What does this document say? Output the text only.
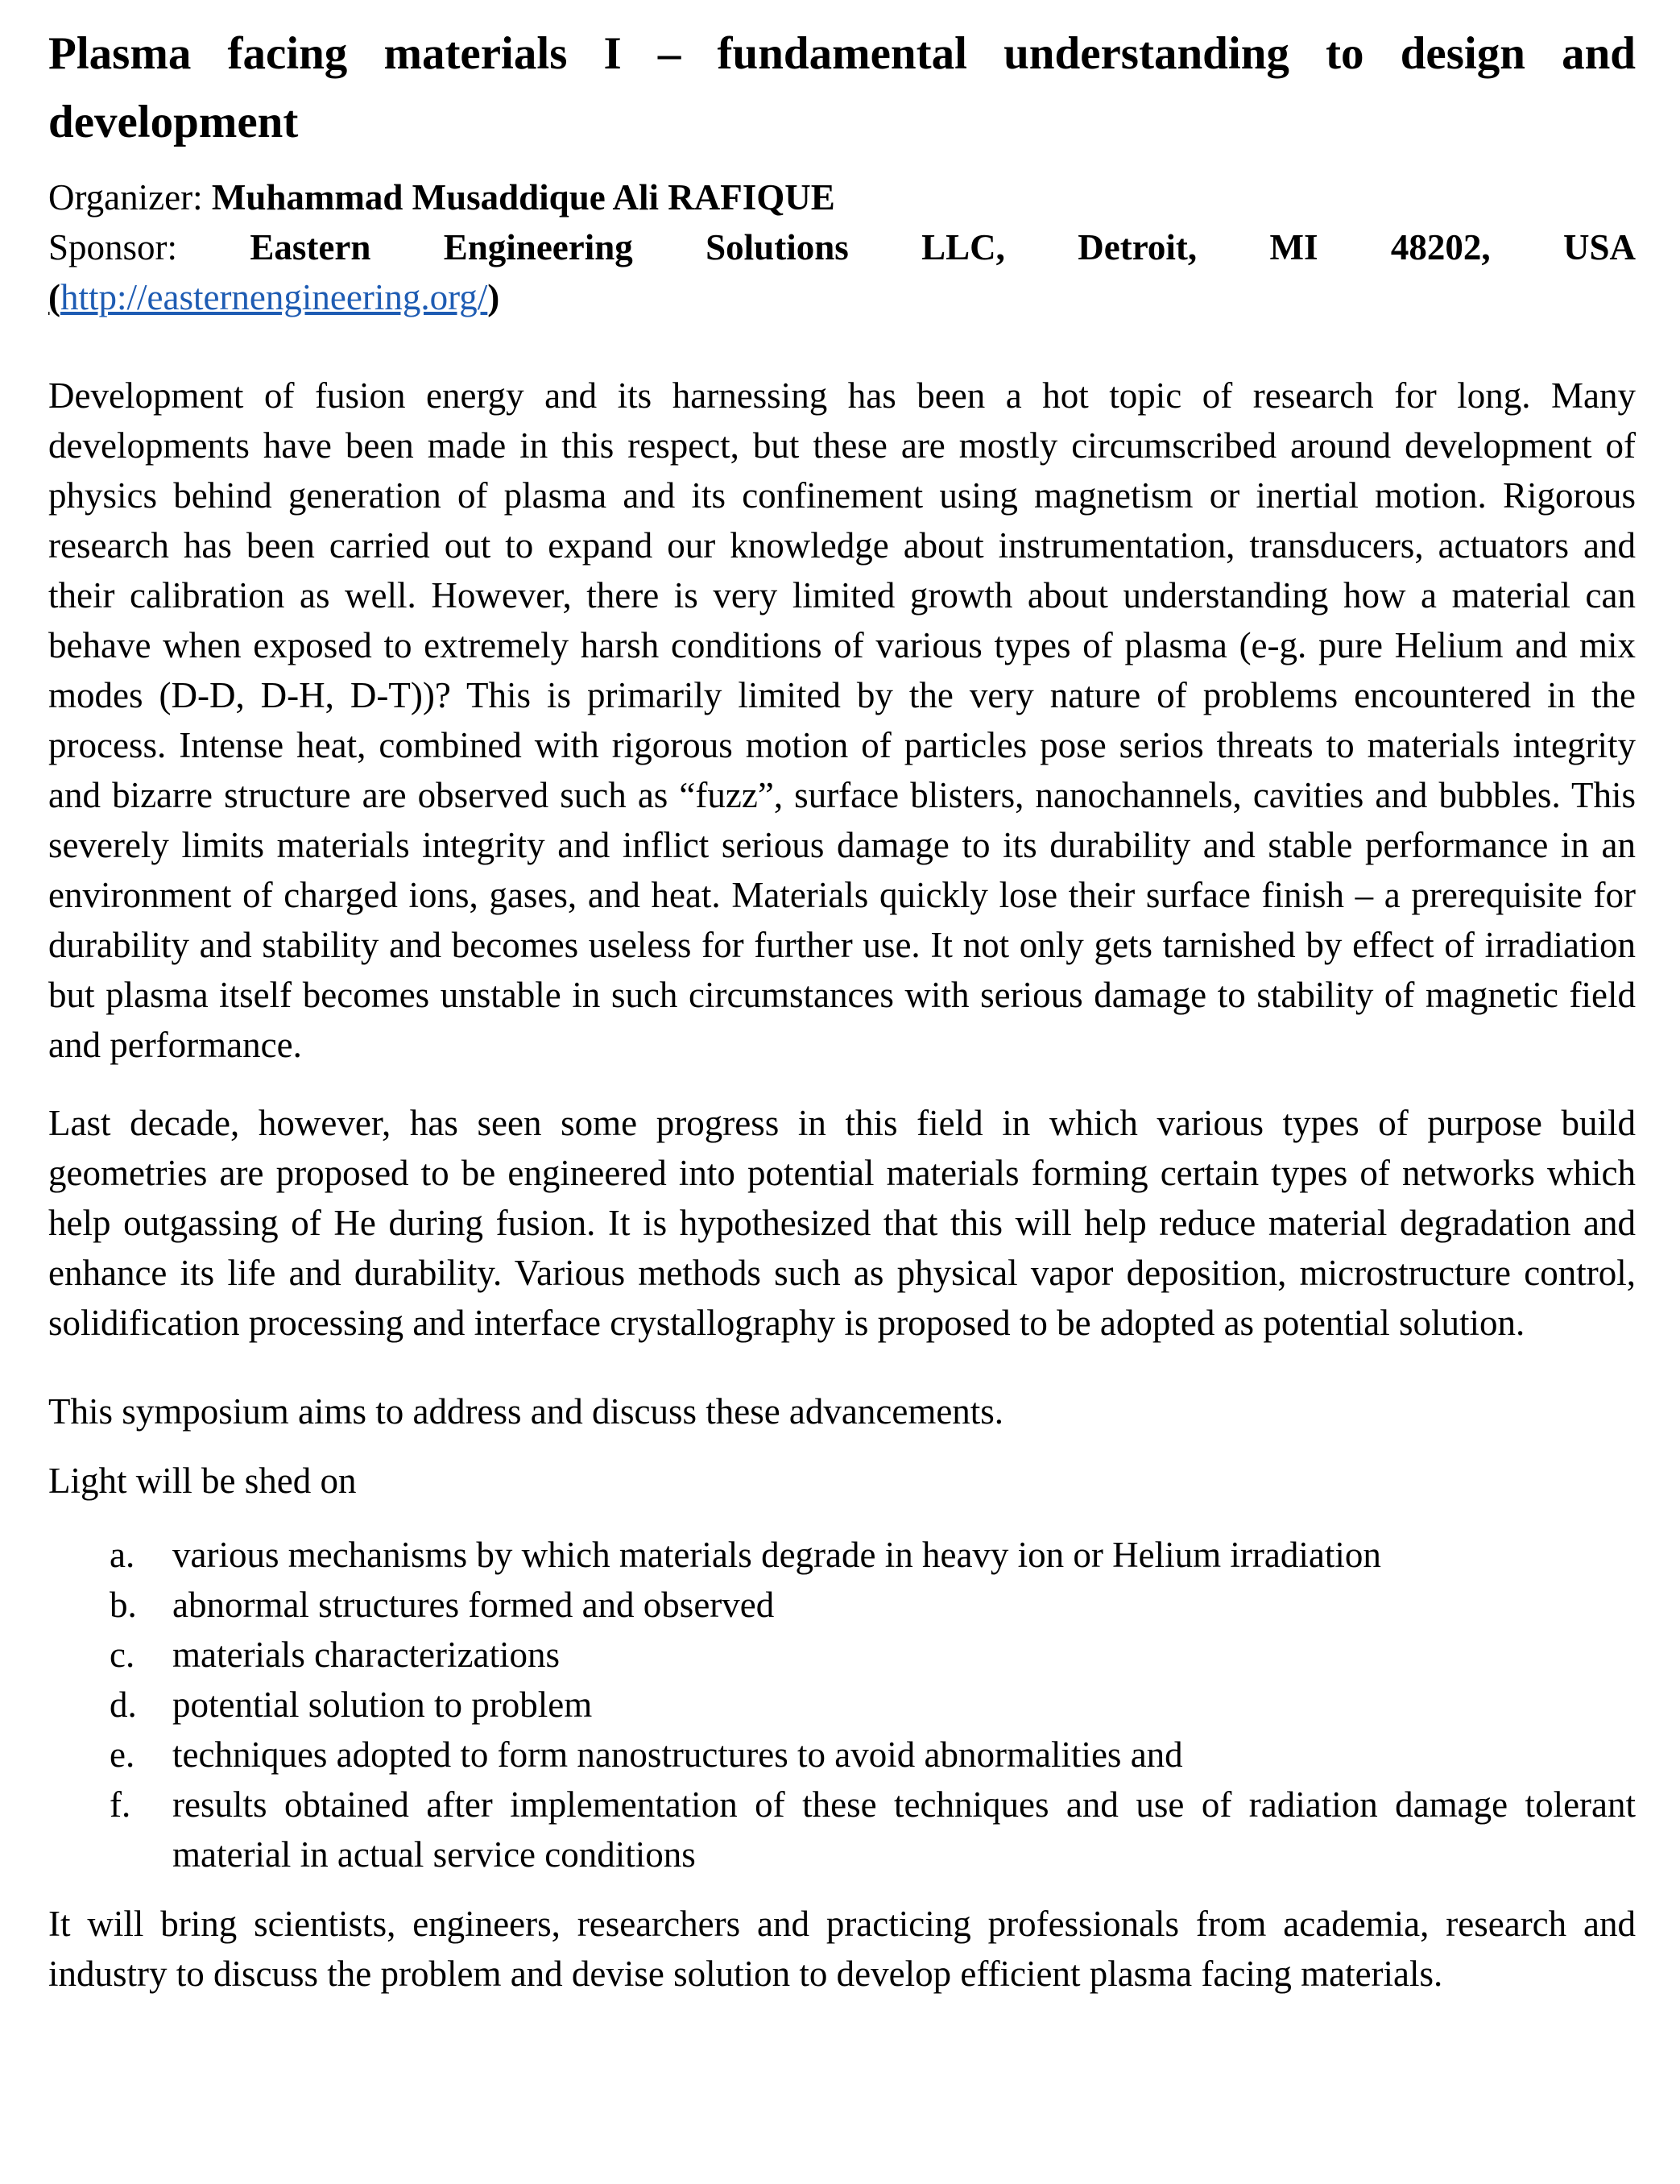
Plasma facing materials I – fundamental understanding to design and
development
Organizer: Muhammad Musaddique Ali RAFIQUE
Sponsor: Eastern Engineering Solutions LLC, Detroit, MI 48202, USA
(http://easternengineering.org/)
Development of fusion energy and its harnessing has been a hot topic of research for long. Many developments have been made in this respect, but these are mostly circumscribed around development of physics behind generation of plasma and its confinement using magnetism or inertial motion. Rigorous research has been carried out to expand our knowledge about instrumentation, transducers, actuators and their calibration as well. However, there is very limited growth about understanding how a material can behave when exposed to extremely harsh conditions of various types of plasma (e-g. pure Helium and mix modes (D-D, D-H, D-T))? This is primarily limited by the very nature of problems encountered in the process. Intense heat, combined with rigorous motion of particles pose serios threats to materials integrity and bizarre structure are observed such as “fuzz”, surface blisters, nanochannels, cavities and bubbles. This severely limits materials integrity and inflict serious damage to its durability and stable performance in an environment of charged ions, gases, and heat. Materials quickly lose their surface finish – a prerequisite for durability and stability and becomes useless for further use. It not only gets tarnished by effect of irradiation but plasma itself becomes unstable in such circumstances with serious damage to stability of magnetic field and performance.
Last decade, however, has seen some progress in this field in which various types of purpose build geometries are proposed to be engineered into potential materials forming certain types of networks which help outgassing of He during fusion. It is hypothesized that this will help reduce material degradation and enhance its life and durability. Various methods such as physical vapor deposition, microstructure control, solidification processing and interface crystallography is proposed to be adopted as potential solution.
This symposium aims to address and discuss these advancements.
Light will be shed on
a.	various mechanisms by which materials degrade in heavy ion or Helium irradiation
b. abnormal structures formed and observed
c.	materials characterizations
d. potential solution to problem
e.	techniques adopted to form nanostructures to avoid abnormalities and
f.	results obtained after implementation of these techniques and use of radiation damage tolerant material in actual service conditions
It will bring scientists, engineers, researchers and practicing professionals from academia, research and industry to discuss the problem and devise solution to develop efficient plasma facing materials.
